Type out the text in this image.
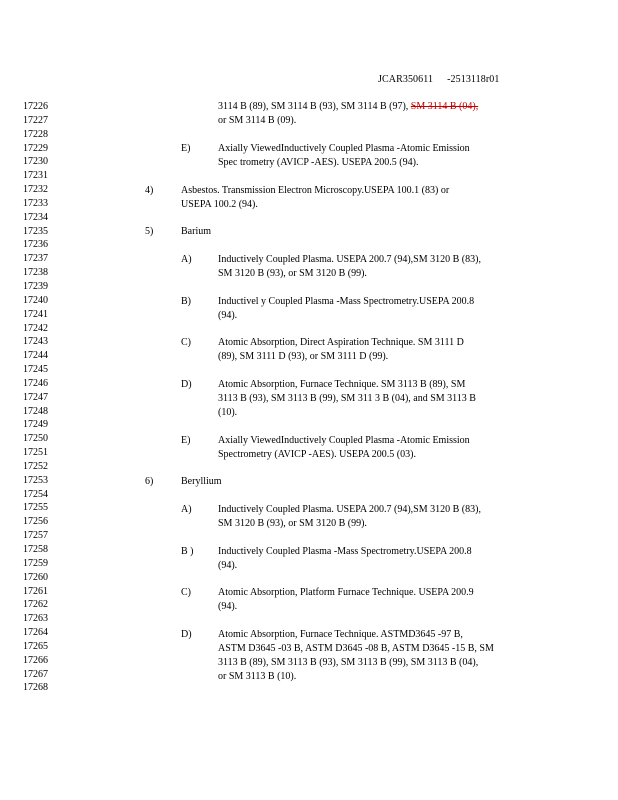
JCAR350611 -2513118r01
17226
17227
17228
17229
17230
17231
17232
17233
17234
17235
17236
17237
17238
17239
17240
17241
17242
17243
17244
17245
17246
17247
17248
17249
17250
17251
17252
17253
17254
17255
17256
17257
17258
17259
17260
17261
17262
17263
17264
17265
17266
17267
17268
3114 B (89), SM 3114 B (93), SM 3114 B (97), SM 3114 B (04),
or SM 3114 B (09).
E)	Axially ViewedInductively Coupled Plasma -Atomic Emission
Spec trometry (AVICP -AES). USEPA 200.5 (94).
4)	Asbestos. Transmission Electron Microscopy.USEPA 100.1 (83) or
USEPA 100.2 (94).
5)	Barium
A)	Inductively Coupled Plasma. USEPA 200.7 (94),SM 3120 B (83),
SM 3120 B (93), or SM 3120 B (99).
B)	Inductivel y Coupled Plasma -Mass Spectrometry.USEPA 200.8
(94).
C)	Atomic Absorption, Direct Aspiration Technique. SM 3111 D
(89), SM 3111 D (93), or SM 3111 D (99).
D)	Atomic Absorption, Furnace Technique. SM 3113 B (89), SM
3113 B (93), SM 3113 B (99), SM 311 3 B (04), and SM 3113 B
(10).
E)	Axially ViewedInductively Coupled Plasma -Atomic Emission
Spectrometry (AVICP -AES). USEPA 200.5 (03).
6)	Beryllium
A)	Inductively Coupled Plasma. USEPA 200.7 (94),SM 3120 B (83),
SM 3120 B (93), or SM 3120 B (99).
B ) Inductively Coupled Plasma -Mass Spectrometry.USEPA 200.8
(94).
C)	Atomic Absorption, Platform Furnace Technique. USEPA 200.9
(94).
D)	Atomic Absorption, Furnace Technique. ASTMD3645 -97 B,
ASTM D3645 -03 B, ASTM D3645 -08 B, ASTM D3645 -15 B, SM
3113 B (89), SM 3113 B (93), SM 3113 B (99), SM 3113 B (04),
or SM 3113 B (10).
